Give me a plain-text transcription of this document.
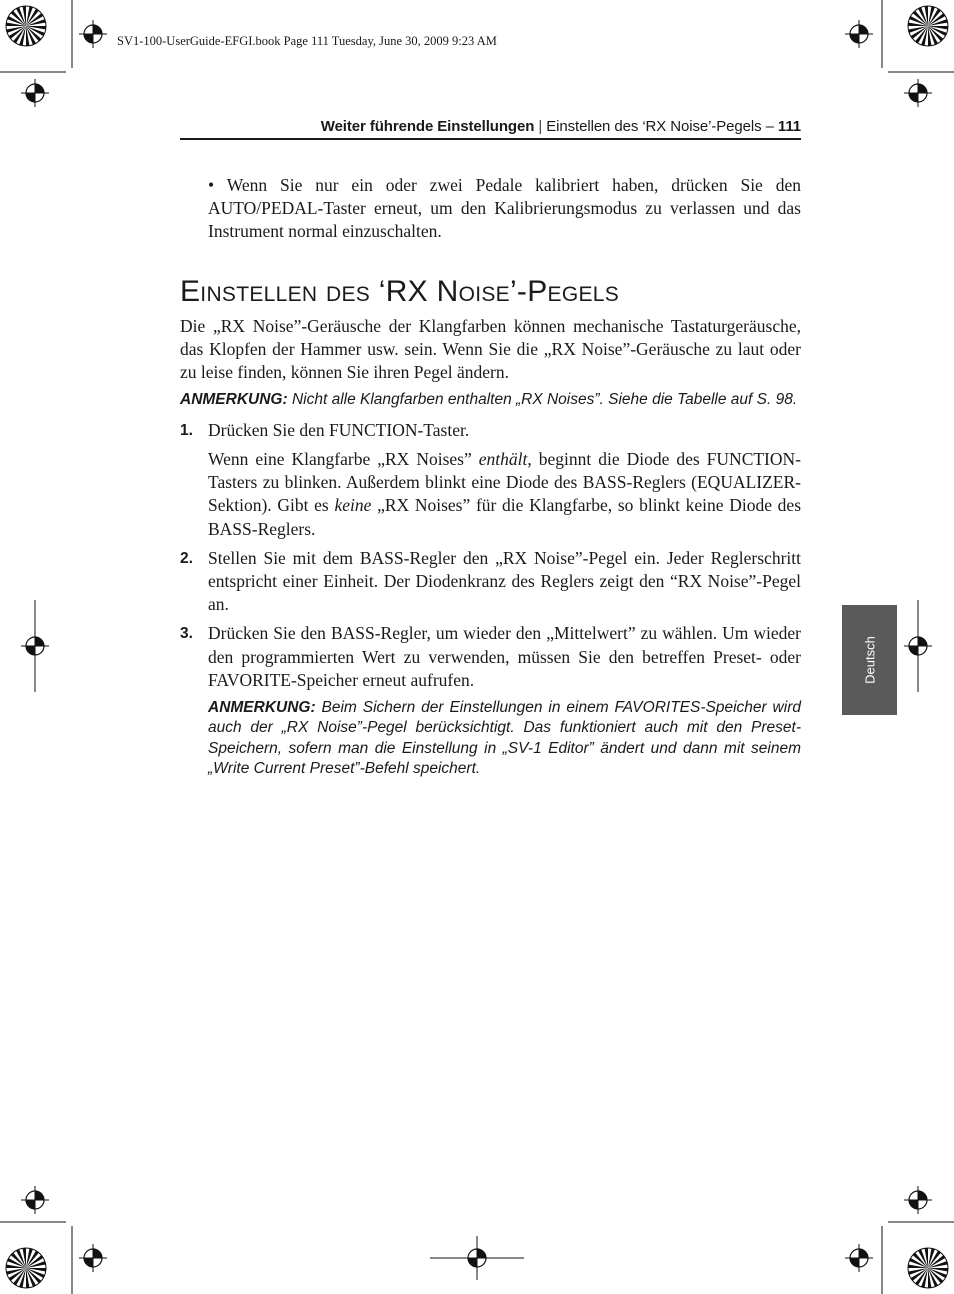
SV1-100-UserGuide-EFGI.book Page 111 Tuesday, June 30, 2009 9:23 AM
Weiter führende Einstellungen | Einstellen des ‘RX Noise’-Pegels – 111
Deutsch

• Wenn Sie nur ein oder zwei Pedale kalibriert haben, drücken Sie den AUTO/PEDAL-Taster erneut, um den Kalibrierungsmodus zu verlassen und das Instrument normal einzuschalten.

Einstellen des ‘RX Noise’-Pegels

Die „RX Noise”-Geräusche der Klangfarben können mechanische Tastaturgeräusche, das Klopfen der Hammer usw. sein. Wenn Sie die „RX Noise”-Geräusche zu laut oder zu leise finden, können Sie ihren Pegel ändern.

ANMERKUNG: Nicht alle Klangfarben enthalten „RX Noises”. Siehe die Tabelle auf S. 98.
1. Drücken Sie den FUNCTION-Taster.

Wenn eine Klangfarbe „RX Noises” enthält, beginnt die Diode des FUNCTION-Tasters zu blinken. Außerdem blinkt eine Diode des BASS-Reglers (EQUALIZER-Sektion). Gibt es keine „RX Noises” für die Klangfarbe, so blinkt keine Diode des BASS-Reglers.

2. Stellen Sie mit dem BASS-Regler den „RX Noise”-Pegel ein. Jeder Reglerschritt entspricht einer Einheit. Der Diodenkranz des Reglers zeigt den “RX Noise”-Pegel an.

3. Drücken Sie den BASS-Regler, um wieder den „Mittelwert” zu wählen. Um wieder den programmierten Wert zu verwenden, müssen Sie den betreffen Preset- oder FAVORITE-Speicher erneut aufrufen.

ANMERKUNG: Beim Sichern der Einstellungen in einem FAVORITES-Speicher wird auch der „RX Noise”-Pegel berücksichtigt. Das funktioniert auch mit den Preset-Speichern, sofern man die Einstellung in „SV-1 Editor” ändert und dann mit seinem „Write Current Preset”-Befehl speichert.
